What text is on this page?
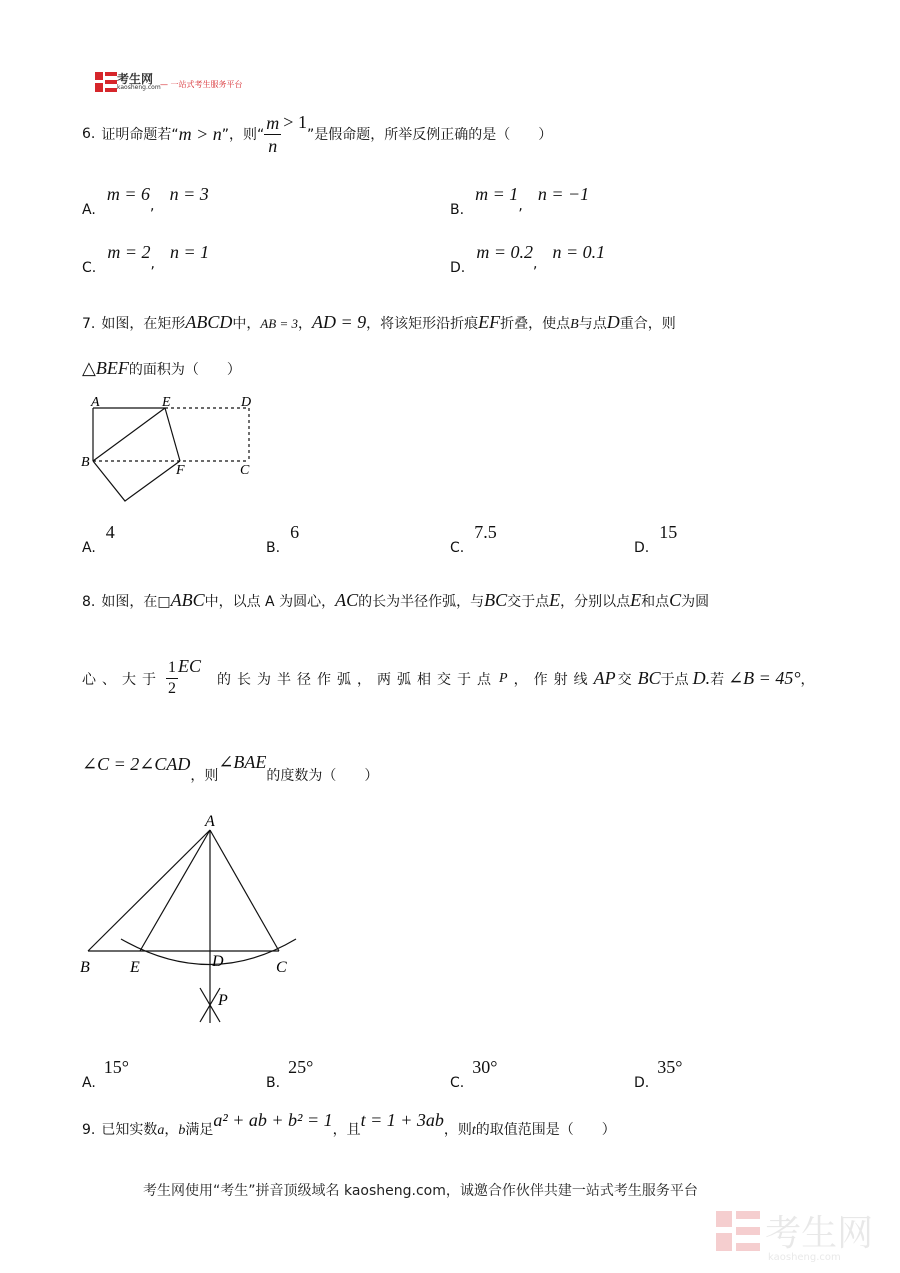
考生网
kaosheng.com — 一站式考生服务平台
6. 证明命题若“ m > n ”，则“ $\frac{m}{n} > 1$
”是假命题，所举反例正确的是（　　）
A. m = 6, n = 3
B. m = 1, n = −1
C. m = 2, n = 1
D. m = 0.2, n = 0.1
7. 如图，在矩形 ABCD 中， AB = 3 ， AD = 9 ，将该矩形沿折痕 EF 折叠，使点 B 与点 D 重合，则
△BEF 的面积为（　　）
A	E	D
B
F	C
A.4
B.6
C.7.5
D.15
8. 如图，在 □ ABC 中，以点 A 为圆心， AC 的长为半径作弧，与 BC 交于点 E ，分别以点 E 和点 C 为圆
心、大于 $\frac{1}{2}$ EC
的长为半径作弧，两弧相交于点 P ，作射线 AP 交 BC 于点 D. 若 ∠B = 45° ，
∠C = 2∠CAD
，则
∠BAE
的度数为（　　）
A
B	E	D	C
P
A.15°
B.25°
C.30°
D.35°
9. 已知实数 a ， b 满足 a² + ab + b² = 1 ，且 t = 1 + 3ab ，则 t 的取值范围是（　　）
考生网使用“考生”拼音顶级域名 kaosheng.com，诚邀合作伙伴共建一站式考生服务平台
考生网
kaosheng.com
